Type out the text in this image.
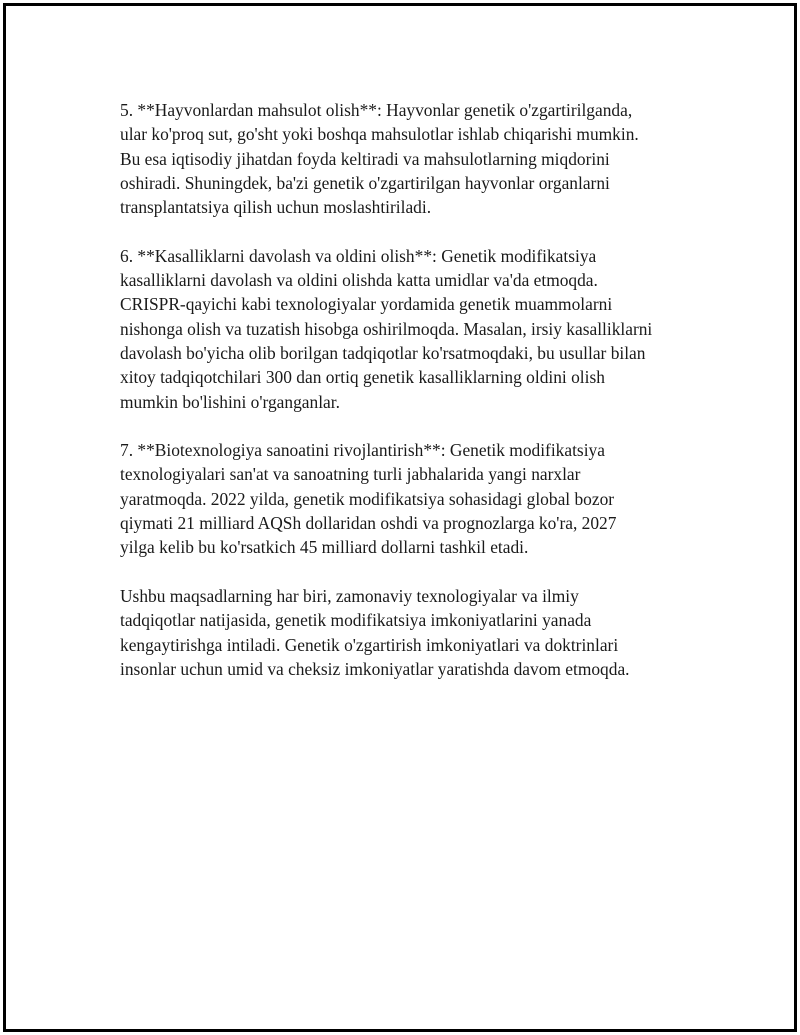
5. **Hayvonlardan mahsulot olish**: Hayvonlar genetik o'zgartirilganda,
ular ko'proq sut, go'sht yoki boshqa mahsulotlar ishlab chiqarishi mumkin.
Bu esa iqtisodiy jihatdan foyda keltiradi va mahsulotlarning miqdorini
oshiradi. Shuningdek, ba'zi genetik o'zgartirilgan hayvonlar organlarni
transplantatsiya qilish uchun moslashtiriladi.

6. **Kasalliklarni davolash va oldini olish**: Genetik modifikatsiya
kasalliklarni davolash va oldini olishda katta umidlar va'da etmoqda.
CRISPR-qayichi kabi texnologiyalar yordamida genetik muammolarni
nishonga olish va tuzatish hisobga oshirilmoqda. Masalan, irsiy kasalliklarni
davolash bo'yicha olib borilgan tadqiqotlar ko'rsatmoqdaki, bu usullar bilan
xitoy tadqiqotchilari 300 dan ortiq genetik kasalliklarning oldini olish
mumkin bo'lishini o'rganganlar.

7. **Biotexnologiya sanoatini rivojlantirish**: Genetik modifikatsiya
texnologiyalari san'at va sanoatning turli jabhalarida yangi narxlar
yaratmoqda. 2022 yilda, genetik modifikatsiya sohasidagi global bozor
qiymati 21 milliard AQSh dollaridan oshdi va prognozlarga ko'ra, 2027
yilga kelib bu ko'rsatkich 45 milliard dollarni tashkil etadi.

Ushbu maqsadlarning har biri, zamonaviy texnologiyalar va ilmiy
tadqiqotlar natijasida, genetik modifikatsiya imkoniyatlarini yanada
kengaytirishga intiladi. Genetik o'zgartirish imkoniyatlari va doktrinlari
insonlar uchun umid va cheksiz imkoniyatlar yaratishda davom etmoqda.
